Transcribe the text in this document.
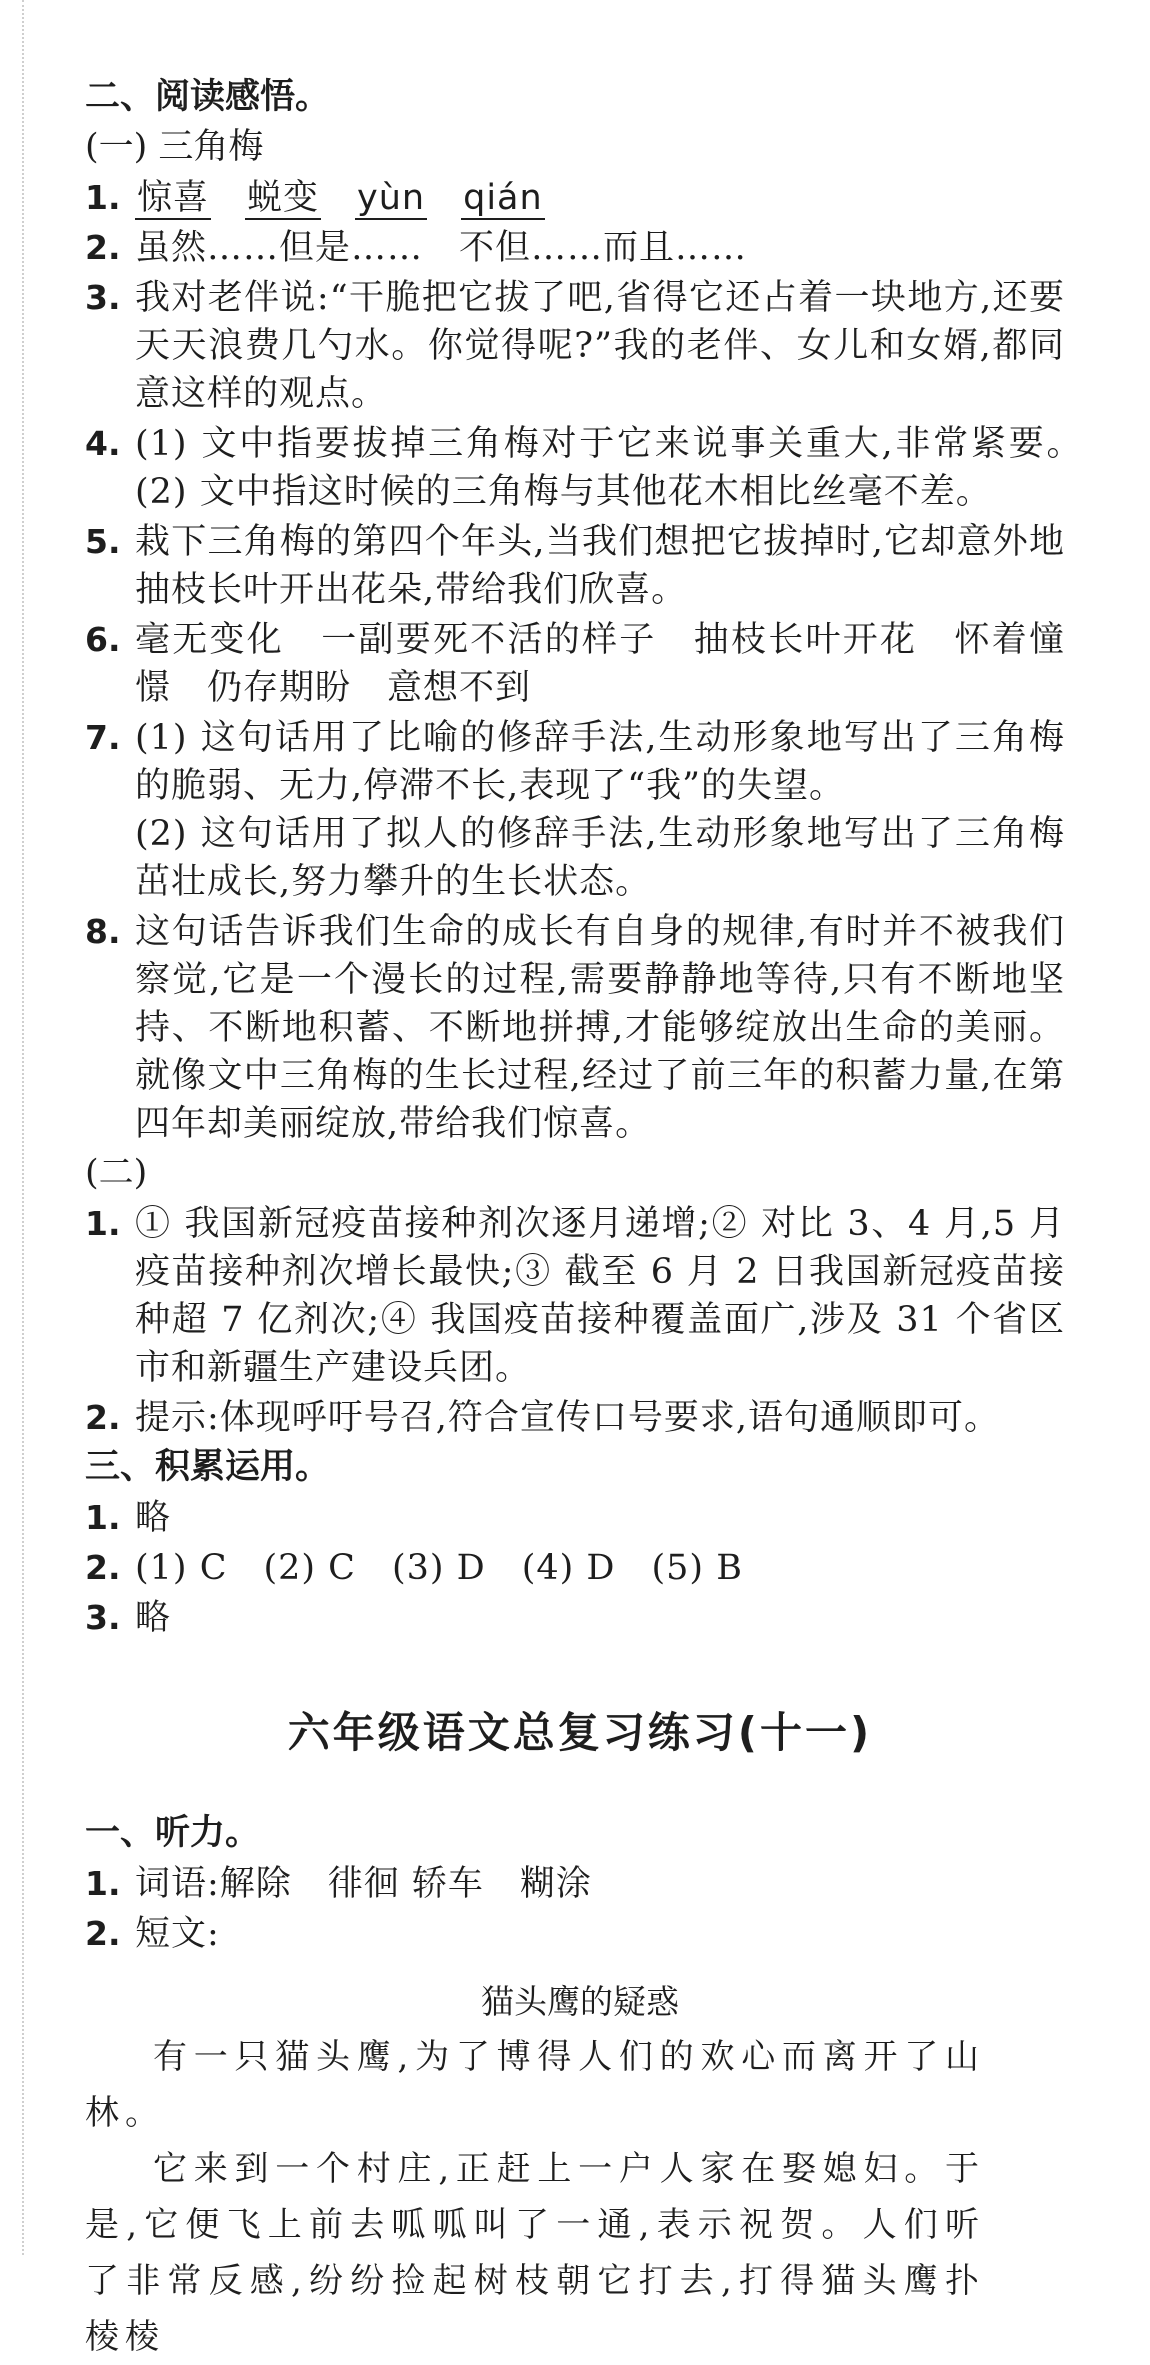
二、阅读感悟。
(一) 三角梅
1. 惊喜 蜕变 yùn qián
2. 虽然……但是……　不但……而且……
3. 我对老伴说:“干脆把它拔了吧,省得它还占着一块地方,还要天天浪费几勺水。你觉得呢?”我的老伴、女儿和女婿,都同意这样的观点。
4. (1) 文中指要拔掉三角梅对于它来说事关重大,非常紧要。　(2) 文中指这时候的三角梅与其他花木相比丝毫不差。
5. 栽下三角梅的第四个年头,当我们想把它拔掉时,它却意外地抽枝长叶开出花朵,带给我们欣喜。
6. 毫无变化　一副要死不活的样子　抽枝长叶开花　怀着憧憬　仍存期盼　意想不到
7. (1) 这句话用了比喻的修辞手法,生动形象地写出了三角梅的脆弱、无力,停滞不长,表现了“我”的失望。
(2) 这句话用了拟人的修辞手法,生动形象地写出了三角梅茁壮成长,努力攀升的生长状态。
8. 这句话告诉我们生命的成长有自身的规律,有时并不被我们察觉,它是一个漫长的过程,需要静静地等待,只有不断地坚持、不断地积蓄、不断地拼搏,才能够绽放出生命的美丽。就像文中三角梅的生长过程,经过了前三年的积蓄力量,在第四年却美丽绽放,带给我们惊喜。
(二)
1. ① 我国新冠疫苗接种剂次逐月递增;② 对比 3、4 月,5 月疫苗接种剂次增长最快;③ 截至 6 月 2 日我国新冠疫苗接种超 7 亿剂次;④ 我国疫苗接种覆盖面广,涉及 31 个省区市和新疆生产建设兵团。
2. 提示:体现呼吁号召,符合宣传口号要求,语句通顺即可。
三、积累运用。
1. 略
2. (1) C　(2) C　(3) D　(4) D　(5) B
3. 略
六年级语文总复习练习(十一)
一、听力。
1. 词语:解除　徘徊 轿车　糊涂
2. 短文:
猫头鹰的疑惑

有一只猫头鹰,为了博得人们的欢心而离开了山林。

它来到一个村庄,正赶上一户人家在娶媳妇。于是,它便飞上前去呱呱叫了一通,表示祝贺。人们听了非常反感,纷纷捡起树枝朝它打去,打得猫头鹰扑棱棱
